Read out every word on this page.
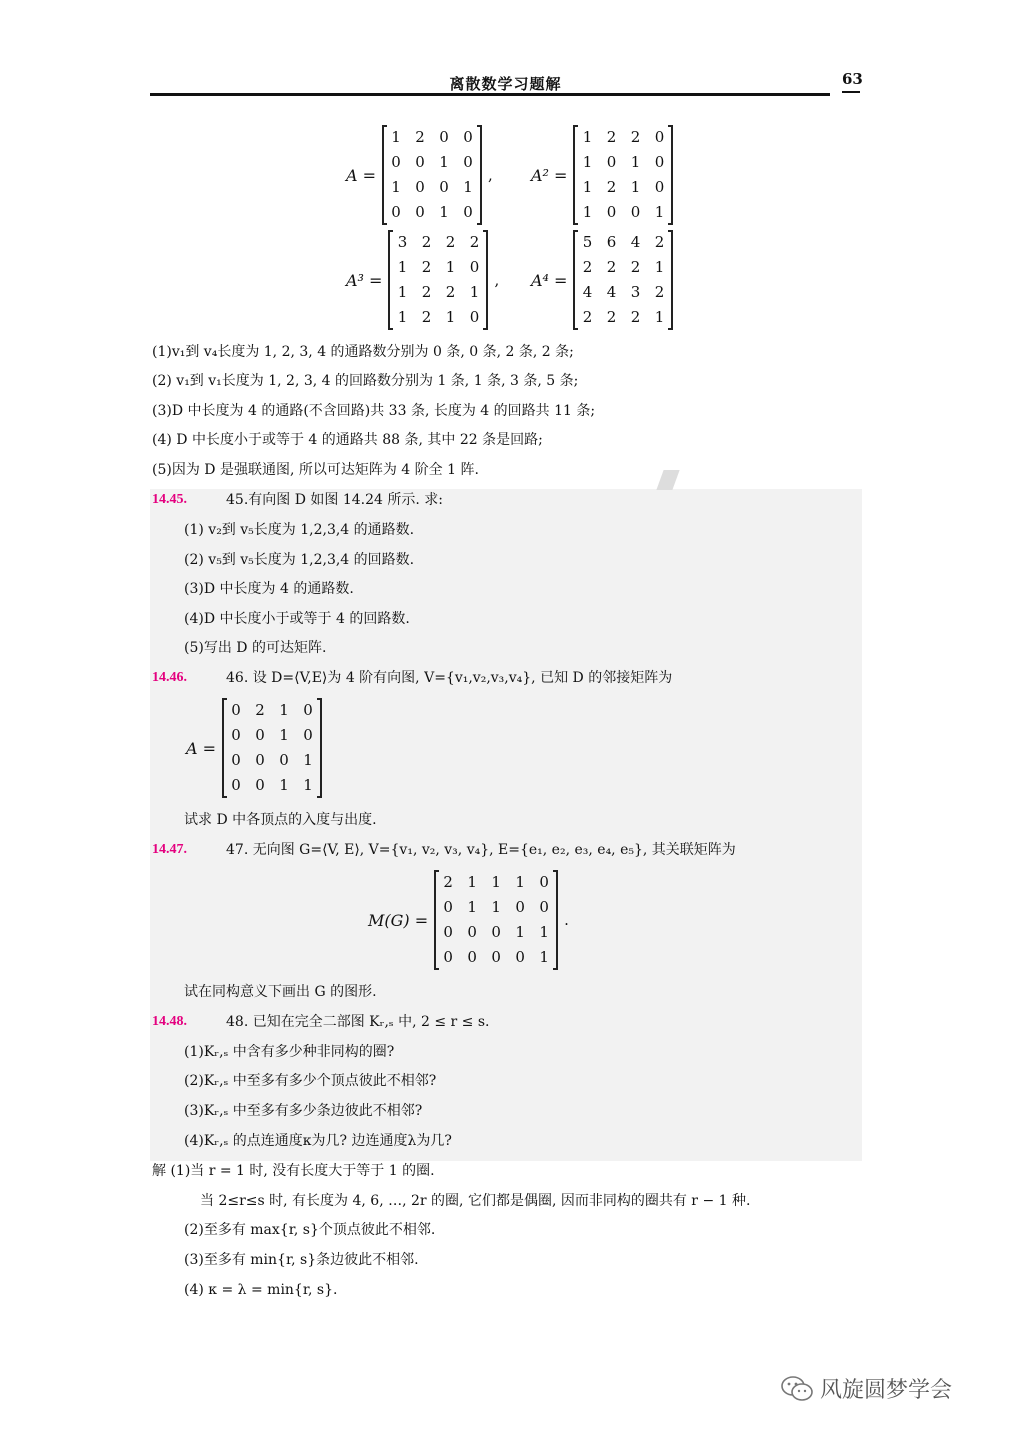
离散数学习题解	63
A =
1 2 0 0
0 0 1 0
1 0 0 1
0 0 1 0
, A² =
1 2 2 0
1 0 1 0
1 2 1 0
1 0 0 1
A³ =
3 2 2 2
1 2 1 0
1 2 2 1
1 2 1 0
, A⁴ =
5 6 4 2
2 2 2 1
4 4 3 2
2 2 2 1
(1)v₁到 v₄长度为 1, 2, 3, 4 的通路数分别为 0 条, 0 条, 2 条, 2 条;
(2) v₁到 v₁长度为 1, 2, 3, 4 的回路数分别为 1 条, 1 条, 3 条, 5 条;
(3)D 中长度为 4 的通路(不含回路)共 33 条, 长度为 4 的回路共 11 条;
(4) D 中长度小于或等于 4 的通路共 88 条, 其中 22 条是回路;
(5)因为 D 是强联通图, 所以可达矩阵为 4 阶全 1 阵.
14.45.	45.有向图 D 如图 14.24 所示. 求:
(1) v₂到 v₅长度为 1,2,3,4 的通路数.
(2) v₅到 v₅长度为 1,2,3,4 的回路数.
(3)D 中长度为 4 的通路数.
(4)D 中长度小于或等于 4 的回路数.
(5)写出 D 的可达矩阵.
14.46.	46. 设 D=⟨V,E⟩为 4 阶有向图, V={v₁,v₂,v₃,v₄}, 已知 D 的邻接矩阵为
A =
0 2 1 0
0 0 1 0
0 0 0 1
0 0 1 1
试求 D 中各顶点的入度与出度.
14.47.	47. 无向图 G=⟨V, E⟩, V={v₁, v₂, v₃, v₄}, E={e₁, e₂, e₃, e₄, e₅}, 其关联矩阵为
M(G) =
2 1 1 1 0
0 1 1 0 0
0 0 0 1 1
0 0 0 0 1
.
试在同构意义下画出 G 的图形.
14.48.	48. 已知在完全二部图 Kᵣ,ₛ 中, 2 ≤ r ≤ s.
(1)Kᵣ,ₛ 中含有多少种非同构的圈?
(2)Kᵣ,ₛ 中至多有多少个顶点彼此不相邻?
(3)Kᵣ,ₛ 中至多有多少条边彼此不相邻?
(4)Kᵣ,ₛ 的点连通度κ为几? 边连通度λ为几?
解 (1)当 r = 1 时, 没有长度大于等于 1 的圈.
当 2≤r≤s 时, 有长度为 4, 6, …, 2r 的圈, 它们都是偶圈, 因而非同构的圈共有 r − 1 种.
(2)至多有 max{r, s}个顶点彼此不相邻.
(3)至多有 min{r, s}条边彼此不相邻.
(4) κ = λ = min{r, s}.
风旋圆梦学会
